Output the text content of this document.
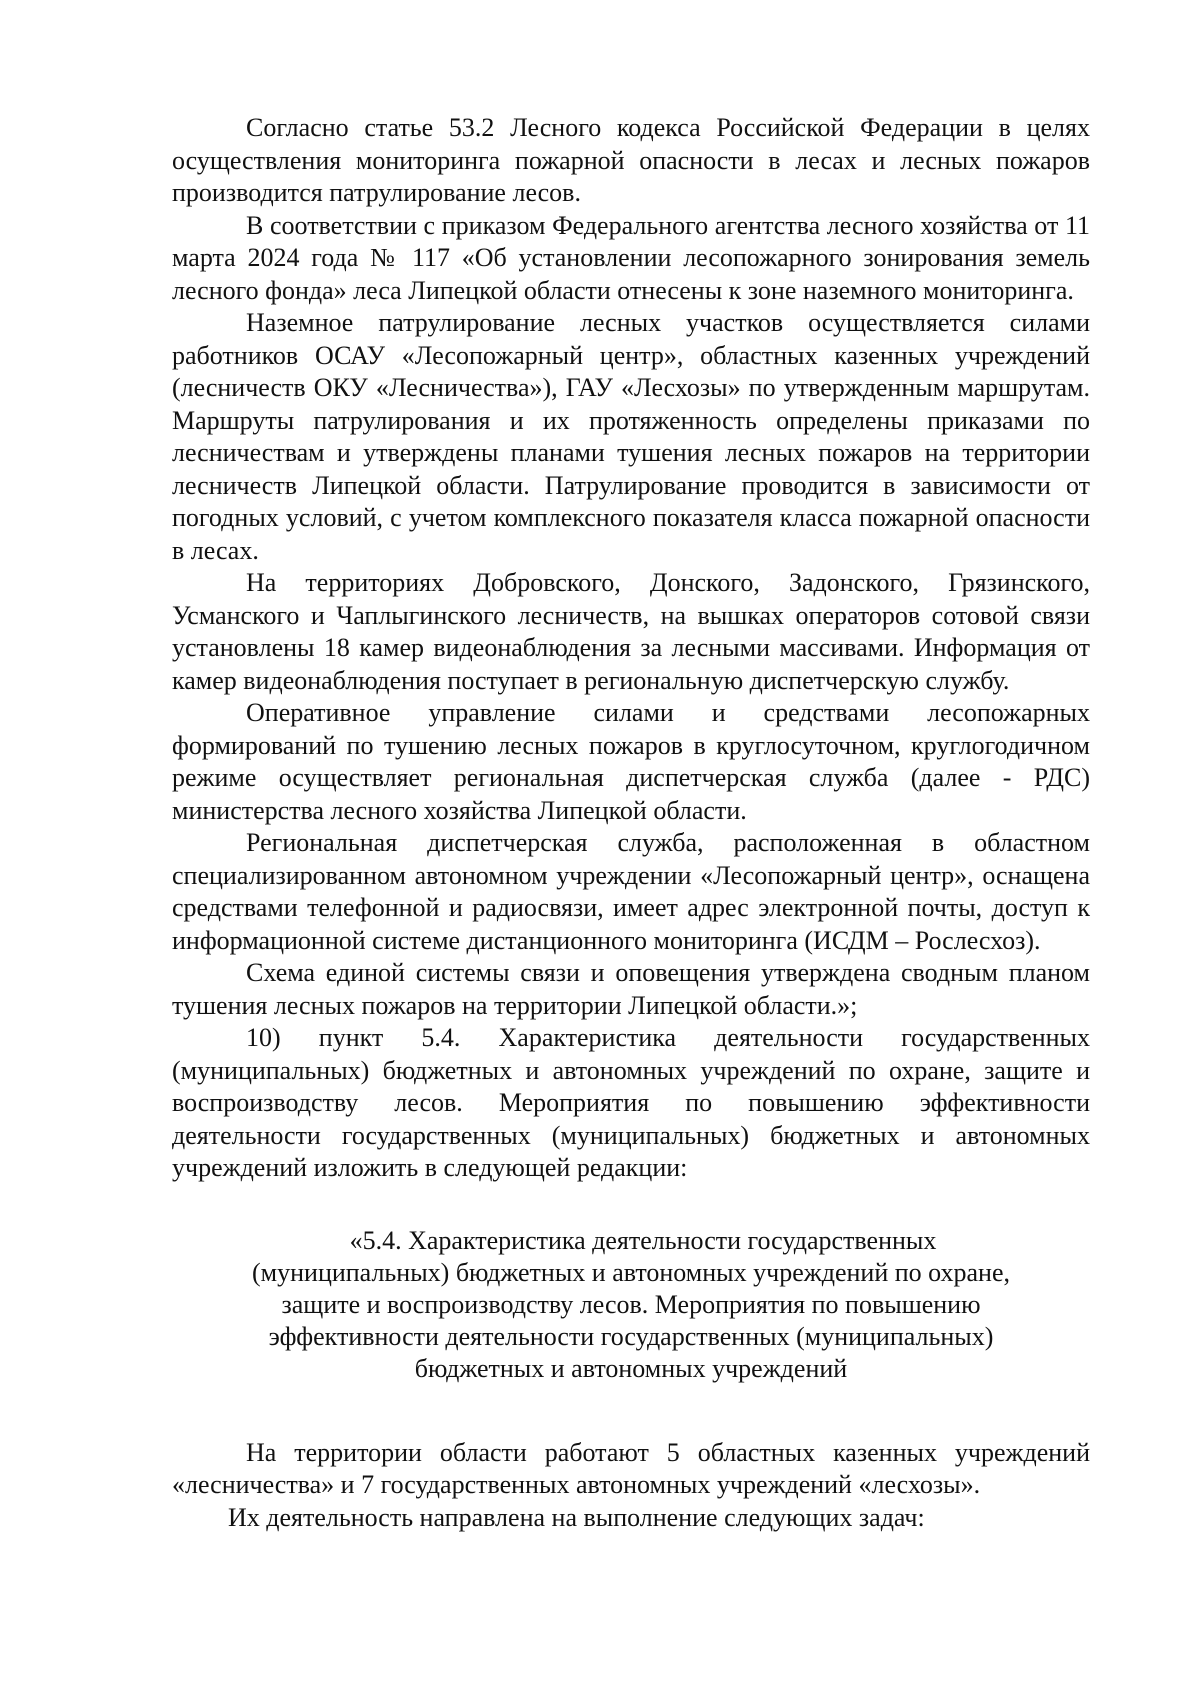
Согласно статье 53.2 Лесного кодекса Российской Федерации в целях осуществления мониторинга пожарной опасности в лесах и лесных пожаров производится патрулирование лесов.

В соответствии с приказом Федерального агентства лесного хозяйства от 11 марта 2024 года № 117 «Об установлении лесопожарного зонирования земель лесного фонда» леса Липецкой области отнесены к зоне наземного мониторинга.

Наземное патрулирование лесных участков осуществляется силами работников ОСАУ «Лесопожарный центр», областных казенных учреждений (лесничеств ОКУ «Лесничества»), ГАУ «Лесхозы» по утвержденным маршрутам. Маршруты патрулирования и их протяженность определены приказами по лесничествам и утверждены планами тушения лесных пожаров на территории лесничеств Липецкой области. Патрулирование проводится в зависимости от погодных условий, с учетом комплексного показателя класса пожарной опасности в лесах.

На территориях Добровского, Донского, Задонского, Грязинского, Усманского и Чаплыгинского лесничеств, на вышках операторов сотовой связи установлены 18 камер видеонаблюдения за лесными массивами. Информация от камер видеонаблюдения поступает в региональную диспетчерскую службу.

Оперативное управление силами и средствами лесопожарных формирований по тушению лесных пожаров в круглосуточном, круглогодичном режиме осуществляет региональная диспетчерская служба (далее - РДС) министерства лесного хозяйства Липецкой области.

Региональная диспетчерская служба, расположенная в областном специализированном автономном учреждении «Лесопожарный центр», оснащена средствами телефонной и радиосвязи, имеет адрес электронной почты, доступ к информационной системе дистанционного мониторинга (ИСДМ – Рослесхоз).

Схема единой системы связи и оповещения утверждена сводным планом тушения лесных пожаров на территории Липецкой области.»;

10) пункт 5.4. Характеристика деятельности государственных (муниципальных) бюджетных и автономных учреждений по охране, защите и воспроизводству лесов. Мероприятия по повышению эффективности деятельности государственных (муниципальных) бюджетных и автономных учреждений изложить в следующей редакции:

«5.4. Характеристика деятельности государственных
(муниципальных) бюджетных и автономных учреждений по охране,
защите и воспроизводству лесов. Мероприятия по повышению
эффективности деятельности государственных (муниципальных)
бюджетных и автономных учреждений

На территории области работают 5 областных казенных учреждений «лесничества» и 7 государственных автономных учреждений «лесхозы».

Их деятельность направлена на выполнение следующих задач:
